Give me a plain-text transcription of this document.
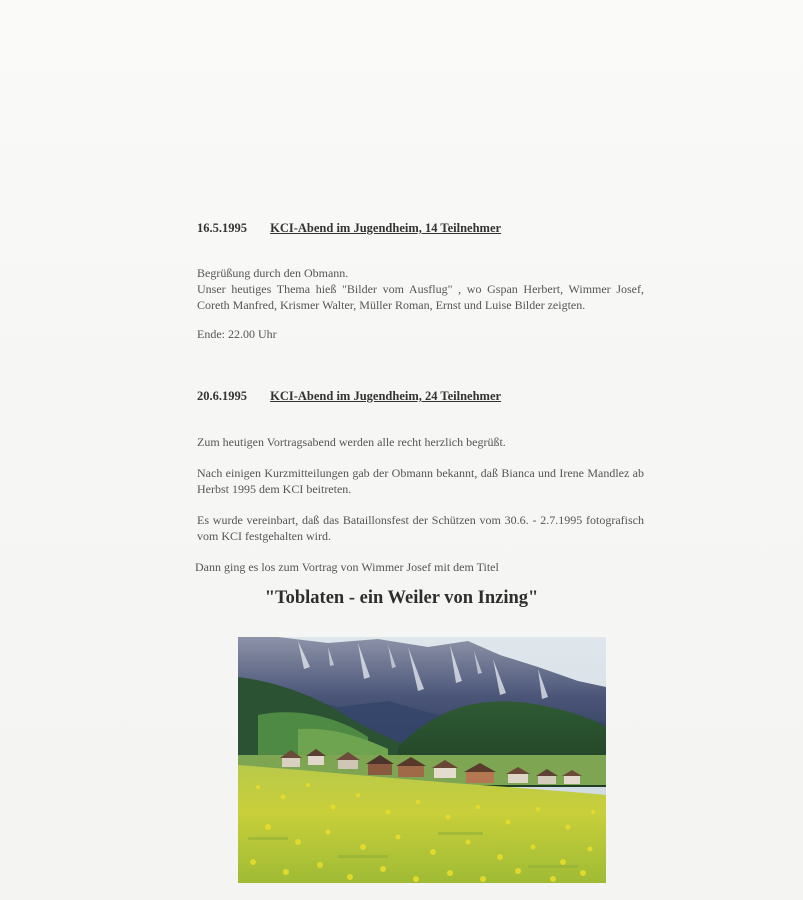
16.5.1995 KCI-Abend im Jugendheim, 14 Teilnehmer

Begrüßung durch den Obmann.

Unser heutiges Thema hieß "Bilder vom Ausflug" , wo Gspan Herbert, Wimmer Josef, Coreth Manfred, Krismer Walter, Müller Roman, Ernst und Luise Bilder zeigten.

Ende: 22.00 Uhr

20.6.1995 KCI-Abend im Jugendheim, 24 Teilnehmer

Zum heutigen Vortragsabend werden alle recht herzlich begrüßt.

Nach einigen Kurzmitteilungen gab der Obmann bekannt, daß Bianca und Irene Mandlez ab Herbst 1995 dem KCI beitreten.

Es wurde vereinbart, daß das Bataillonsfest der Schützen vom 30.6. - 2.7.1995 fotografisch vom KCI festgehalten wird.

Dann ging es los zum Vortrag von Wimmer Josef mit dem Titel

"Toblaten - ein Weiler von Inzing"
